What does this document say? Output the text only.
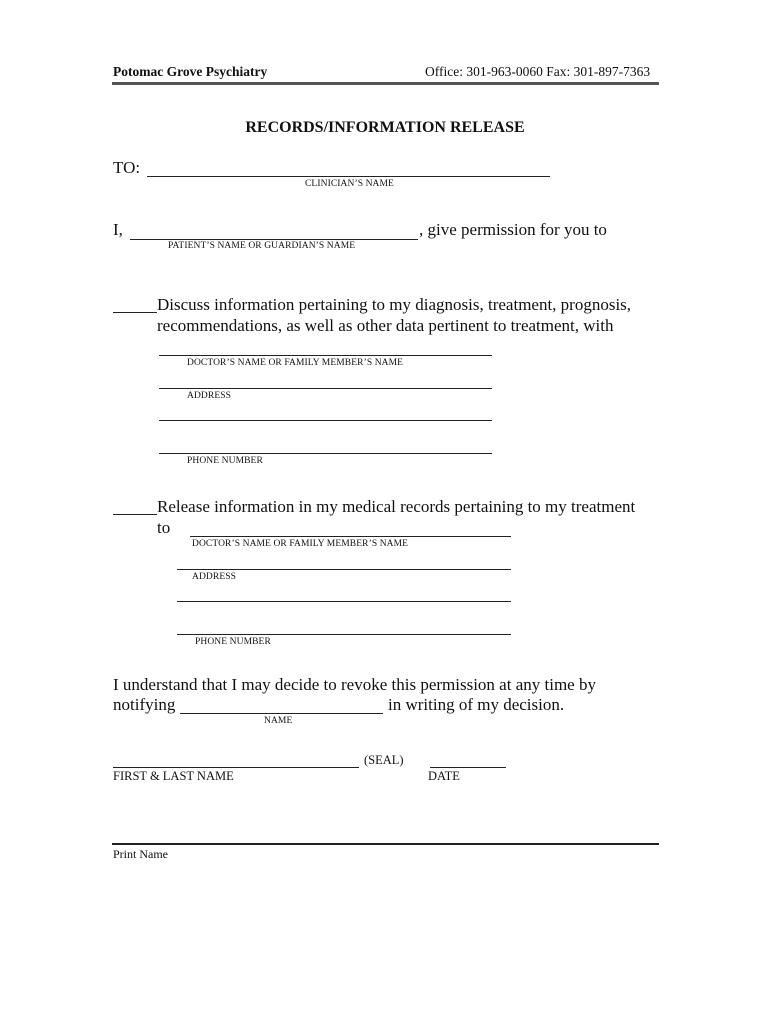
Potomac Grove Psychiatry	Office: 301-963-0060 Fax: 301-897-7363
RECORDS/INFORMATION RELEASE
TO:
CLINICIAN’S NAME
I,	, give permission for you to
PATIENT’S NAME OR GUARDIAN’S NAME
Discuss information pertaining to my diagnosis, treatment, prognosis,
recommendations, as well as other data pertinent to treatment, with
DOCTOR’S NAME OR FAMILY MEMBER’S NAME
ADDRESS
PHONE NUMBER
Release information in my medical records pertaining to my treatment
to
DOCTOR’S NAME OR FAMILY MEMBER’S NAME
ADDRESS
PHONE NUMBER
I understand that I may decide to revoke this permission at any time by
notifying	in writing of my decision.
NAME
(SEAL)
FIRST & LAST NAME	DATE
Print Name
